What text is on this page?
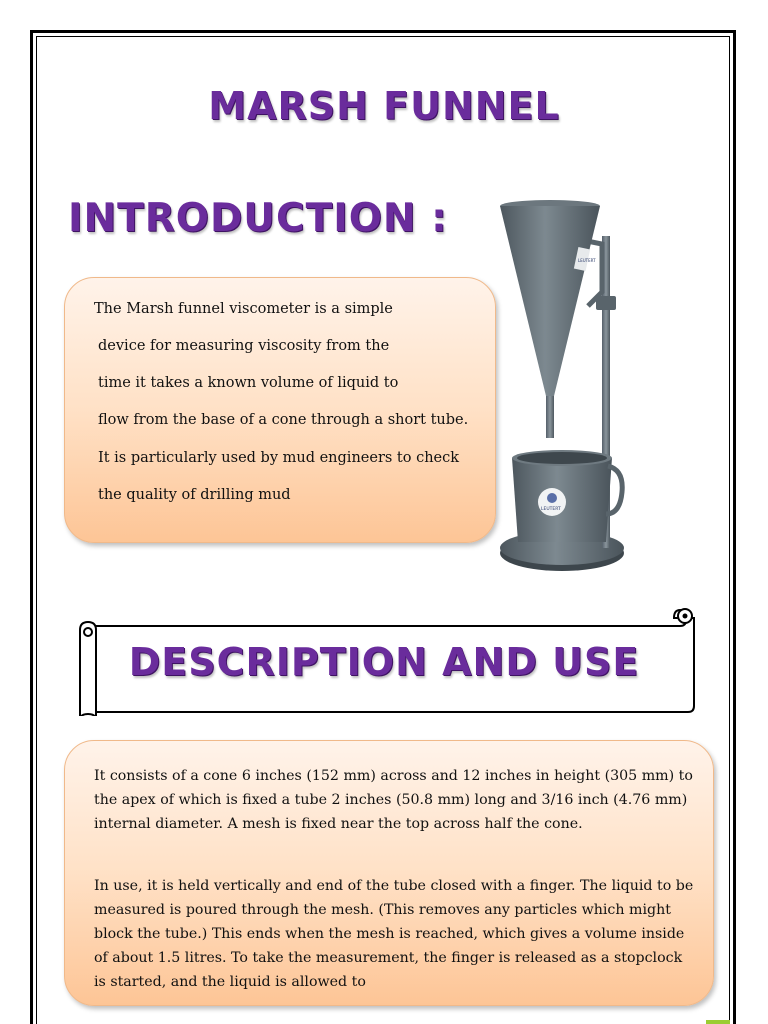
MARSH FUNNEL
INTRODUCTION :
The Marsh funnel viscometer is a simple
device for measuring viscosity from the
time it takes a known volume of liquid to
flow from the base of a cone through a short tube.
It is particularly used by mud engineers to check
the quality of drilling mud
LEUTERT
LEUTERT
DESCRIPTION AND USE

It consists of a cone 6 inches (152 mm) across and 12 inches in height (305 mm) to the apex of which is fixed a tube 2 inches (50.8 mm) long and 3/16 inch (4.76 mm) internal diameter. A mesh is fixed near the top across half the cone.

In use, it is held vertically and end of the tube closed with a finger. The liquid to be measured is poured through the mesh. (This removes any particles which might block the tube.) This ends when the mesh is reached, which gives a volume inside of about 1.5 litres. To take the measurement, the finger is released as a stopclock is started, and the liquid is allowed to
